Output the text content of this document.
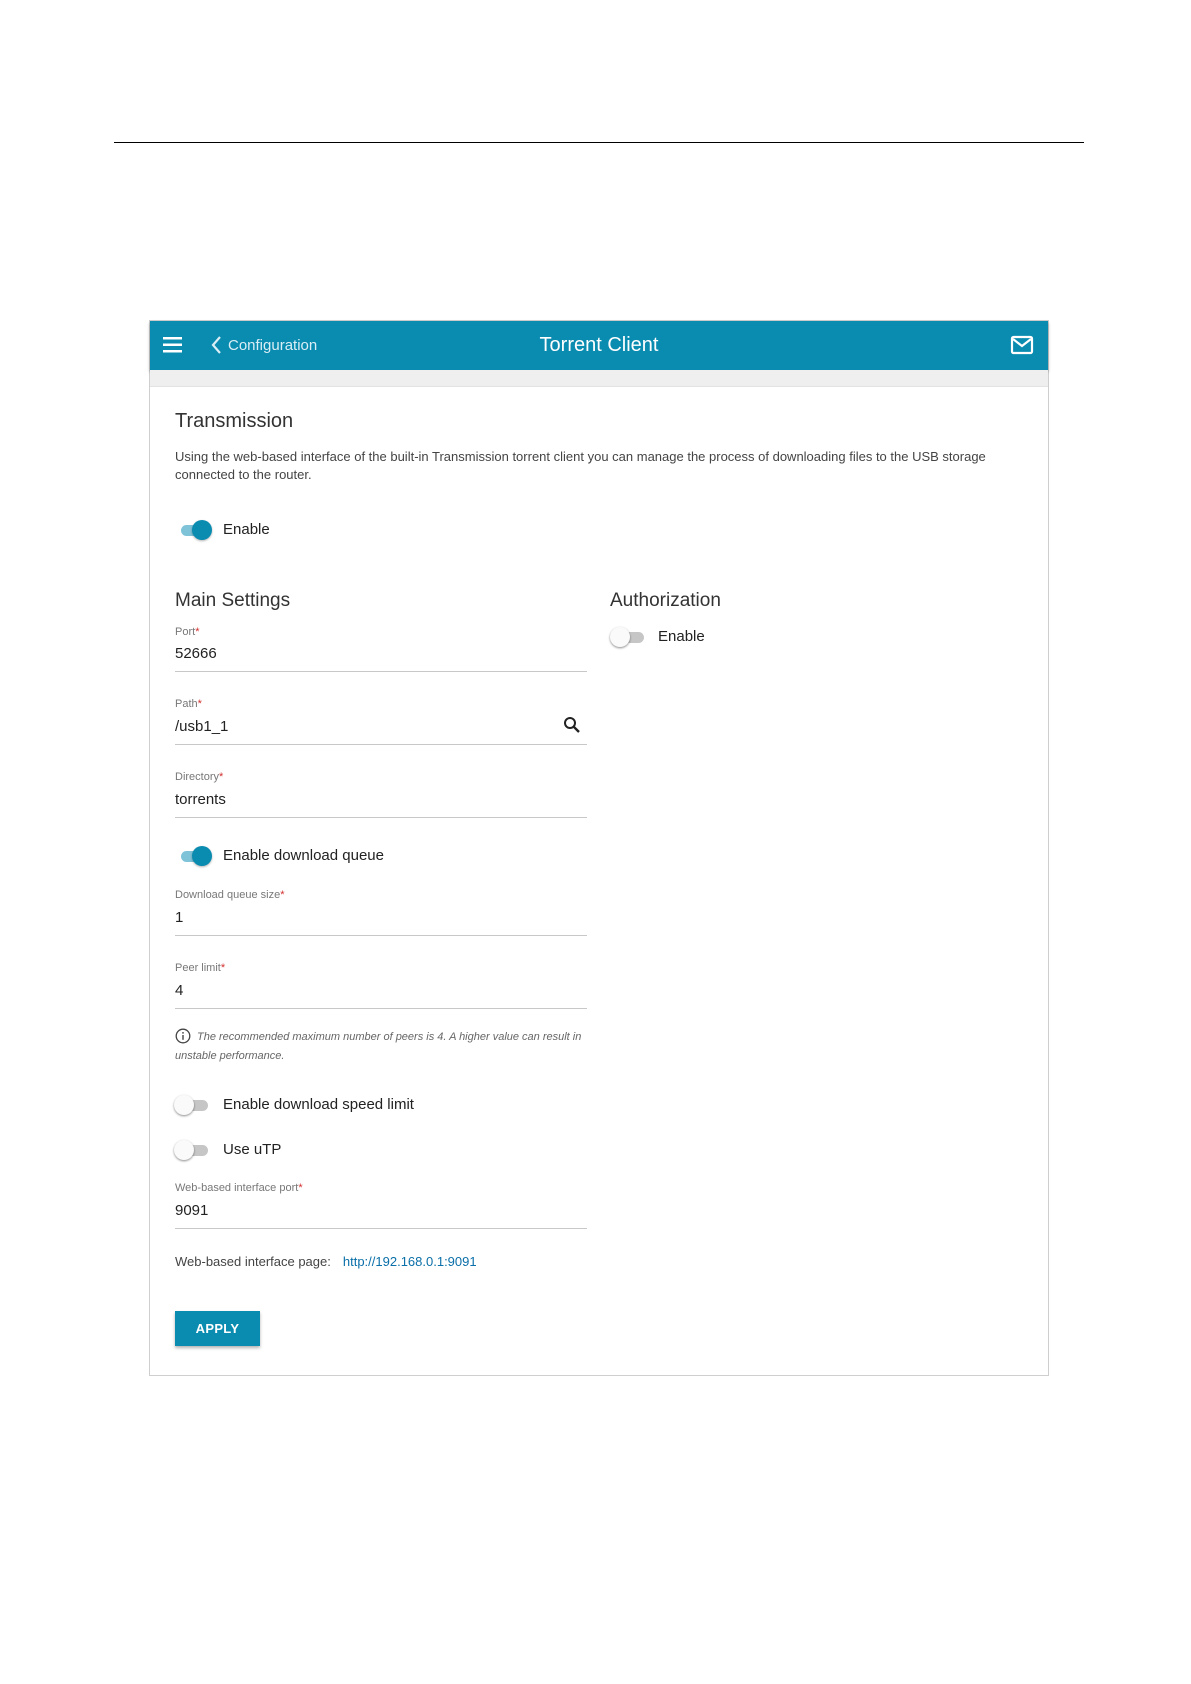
Configuration	Torrent Client
Transmission
Using the web-based interface of the built-in Transmission torrent client you can manage the process of downloading files to the USB storage connected to the router.
Enable
Main Settings
Port*
52666
Path*
/usb1_1
Directory*
torrents
Enable download queue
Download queue size*
1
Peer limit*
4
The recommended maximum number of peers is 4. A higher value can result in unstable performance.
Enable download speed limit
Use uTP
Web-based interface port*
9091
Web-based interface page: http://192.168.0.1:9091
APPLY
Authorization
Enable
